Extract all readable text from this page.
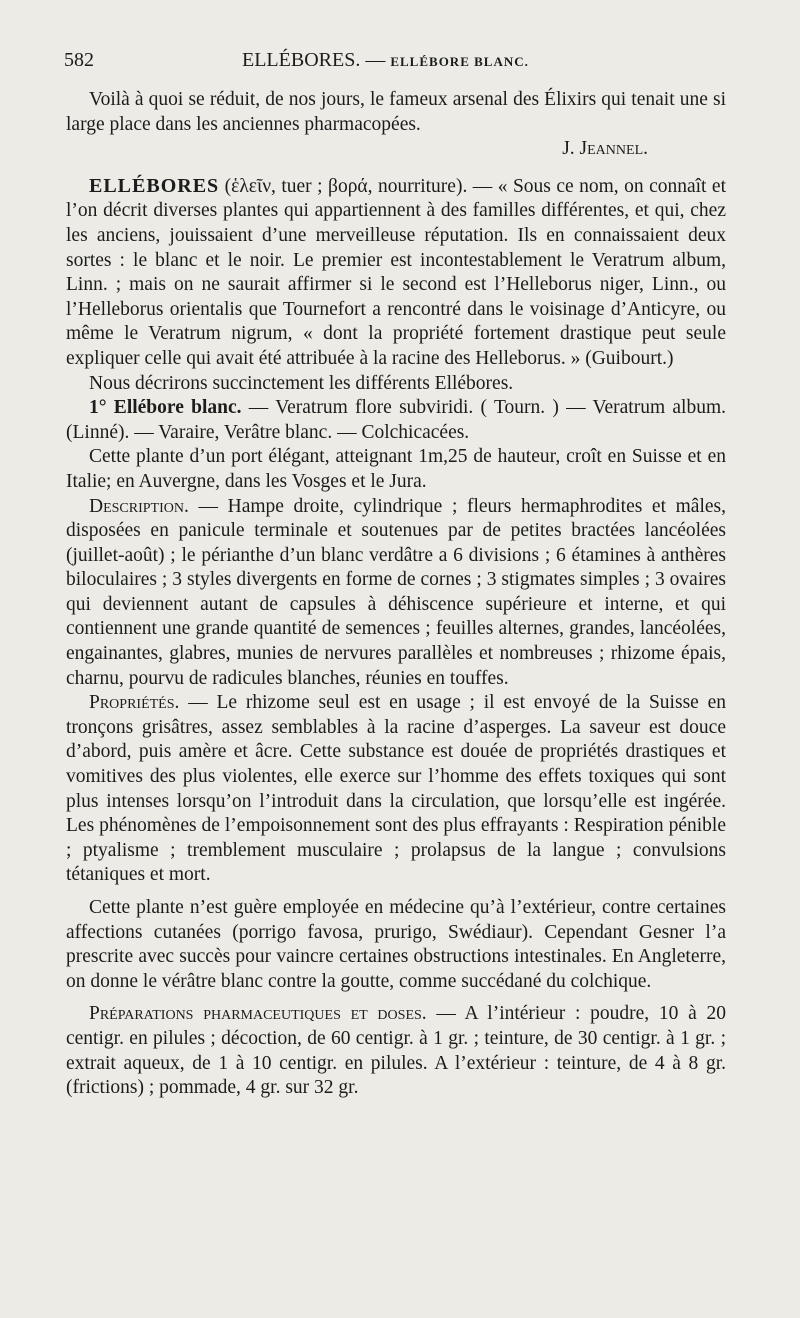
582	ELLÉBORES. — ELLÉBORE BLANC.

Voilà à quoi se réduit, de nos jours, le fameux arsenal des Élixirs qui tenait une si large place dans les anciennes pharmacopées.

J. Jeannel.

ELLÉBORES (ἑλεῖν, tuer ; βορά, nourriture). — « Sous ce nom, on connaît et l’on décrit diverses plantes qui appartiennent à des familles différentes, et qui, chez les anciens, jouissaient d’une merveilleuse réputation. Ils en connaissaient deux sortes : le blanc et le noir. Le premier est incontestablement le Veratrum album, Linn. ; mais on ne saurait affirmer si le second est l’Helleborus niger, Linn., ou l’Helleborus orientalis que Tournefort a rencontré dans le voisinage d’Anticyre, ou même le Veratrum nigrum, « dont la propriété fortement drastique peut seule expliquer celle qui avait été attribuée à la racine des Helleborus. » (Guibourt.)

Nous décrirons succinctement les différents Ellébores.

1° Ellébore blanc. — Veratrum flore subviridi. ( Tourn. ) — Veratrum album. (Linné). — Varaire, Verâtre blanc. — Colchicacées.

Cette plante d’un port élégant, atteignant 1m,25 de hauteur, croît en Suisse et en Italie; en Auvergne, dans les Vosges et le Jura.

Description. — Hampe droite, cylindrique ; fleurs hermaphrodites et mâles, disposées en panicule terminale et soutenues par de petites bractées lancéolées (juillet-août) ; le périanthe d’un blanc verdâtre a 6 divisions ; 6 étamines à anthères biloculaires ; 3 styles divergents en forme de cornes ; 3 stigmates simples ; 3 ovaires qui deviennent autant de capsules à déhiscence supérieure et interne, et qui contiennent une grande quantité de semences ; feuilles alternes, grandes, lancéolées, engainantes, glabres, munies de nervures parallèles et nombreuses ; rhizome épais, charnu, pourvu de radicules blanches, réunies en touffes.

Propriétés. — Le rhizome seul est en usage ; il est envoyé de la Suisse en tronçons grisâtres, assez semblables à la racine d’asperges. La saveur est douce d’abord, puis amère et âcre. Cette substance est douée de propriétés drastiques et vomitives des plus violentes, elle exerce sur l’homme des effets toxiques qui sont plus intenses lorsqu’on l’introduit dans la circulation, que lorsqu’elle est ingérée. Les phénomènes de l’empoisonnement sont des plus effrayants : Respiration pénible ; ptyalisme ; tremblement musculaire ; prolapsus de la langue ; convulsions tétaniques et mort.

Cette plante n’est guère employée en médecine qu’à l’extérieur, contre certaines affections cutanées (porrigo favosa, prurigo, Swédiaur). Cependant Gesner l’a prescrite avec succès pour vaincre certaines obstructions intestinales. En Angleterre, on donne le vérâtre blanc contre la goutte, comme succédané du colchique.

Préparations pharmaceutiques et doses. — A l’intérieur : poudre, 10 à 20 centigr. en pilules ; décoction, de 60 centigr. à 1 gr. ; teinture, de 30 centigr. à 1 gr. ; extrait aqueux, de 1 à 10 centigr. en pilules. A l’extérieur : teinture, de 4 à 8 gr. (frictions) ; pommade, 4 gr. sur 32 gr.
